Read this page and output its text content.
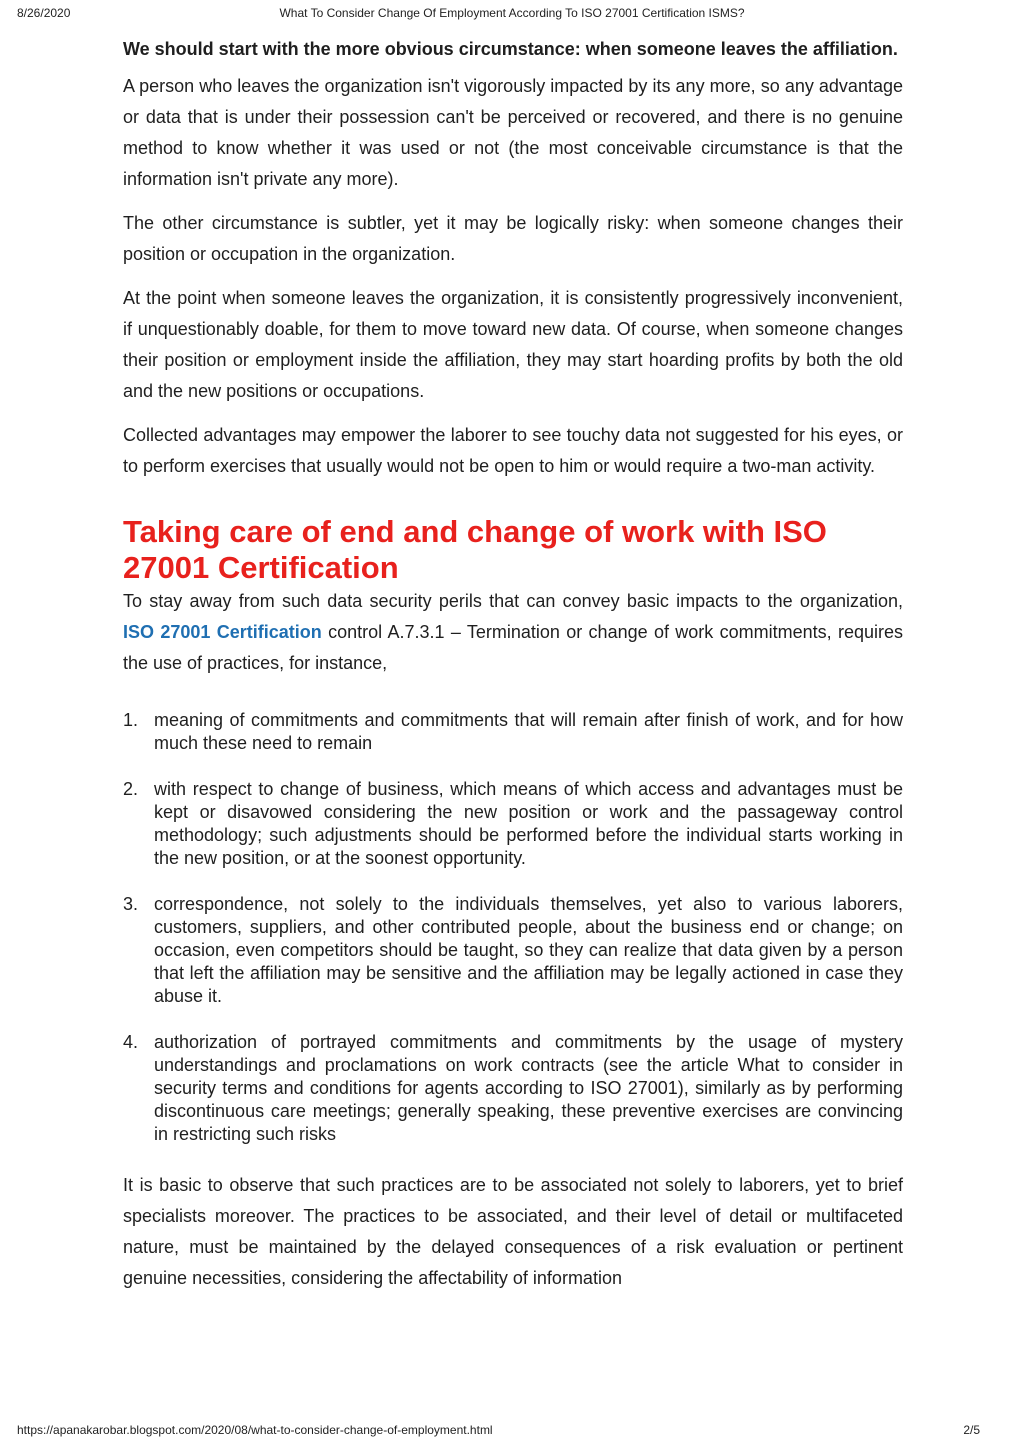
8/26/2020	What To Consider Change Of Employment According To ISO 27001 Certification ISMS?

We should start with the more obvious circumstance: when someone leaves the affiliation.

A person who leaves the organization isn't vigorously impacted by its any more, so any advantage or data that is under their possession can't be perceived or recovered, and there is no genuine method to know whether it was used or not (the most conceivable circumstance is that the information isn't private any more).

The other circumstance is subtler, yet it may be logically risky: when someone changes their position or occupation in the organization.

At the point when someone leaves the organization, it is consistently progressively inconvenient, if unquestionably doable, for them to move toward new data. Of course, when someone changes their position or employment inside the affiliation, they may start hoarding profits by both the old and the new positions or occupations.

Collected advantages may empower the laborer to see touchy data not suggested for his eyes, or to perform exercises that usually would not be open to him or would require a two-man activity.

Taking care of end and change of work with ISO 27001 Certification

To stay away from such data security perils that can convey basic impacts to the organization, ISO 27001 Certification control A.7.3.1 – Termination or change of work commitments, requires the use of practices, for instance,

1. meaning of commitments and commitments that will remain after finish of work, and for how much these need to remain
2. with respect to change of business, which means of which access and advantages must be kept or disavowed considering the new position or work and the passageway control methodology; such adjustments should be performed before the individual starts working in the new position, or at the soonest opportunity.
3. correspondence, not solely to the individuals themselves, yet also to various laborers, customers, suppliers, and other contributed people, about the business end or change; on occasion, even competitors should be taught, so they can realize that data given by a person that left the affiliation may be sensitive and the affiliation may be legally actioned in case they abuse it.
4. authorization of portrayed commitments and commitments by the usage of mystery understandings and proclamations on work contracts (see the article What to consider in security terms and conditions for agents according to ISO 27001), similarly as by performing discontinuous care meetings; generally speaking, these preventive exercises are convincing in restricting such risks

It is basic to observe that such practices are to be associated not solely to laborers, yet to brief specialists moreover. The practices to be associated, and their level of detail or multifaceted nature, must be maintained by the delayed consequences of a risk evaluation or pertinent genuine necessities, considering the affectability of information

https://apanakarobar.blogspot.com/2020/08/what-to-consider-change-of-employment.html	2/5
